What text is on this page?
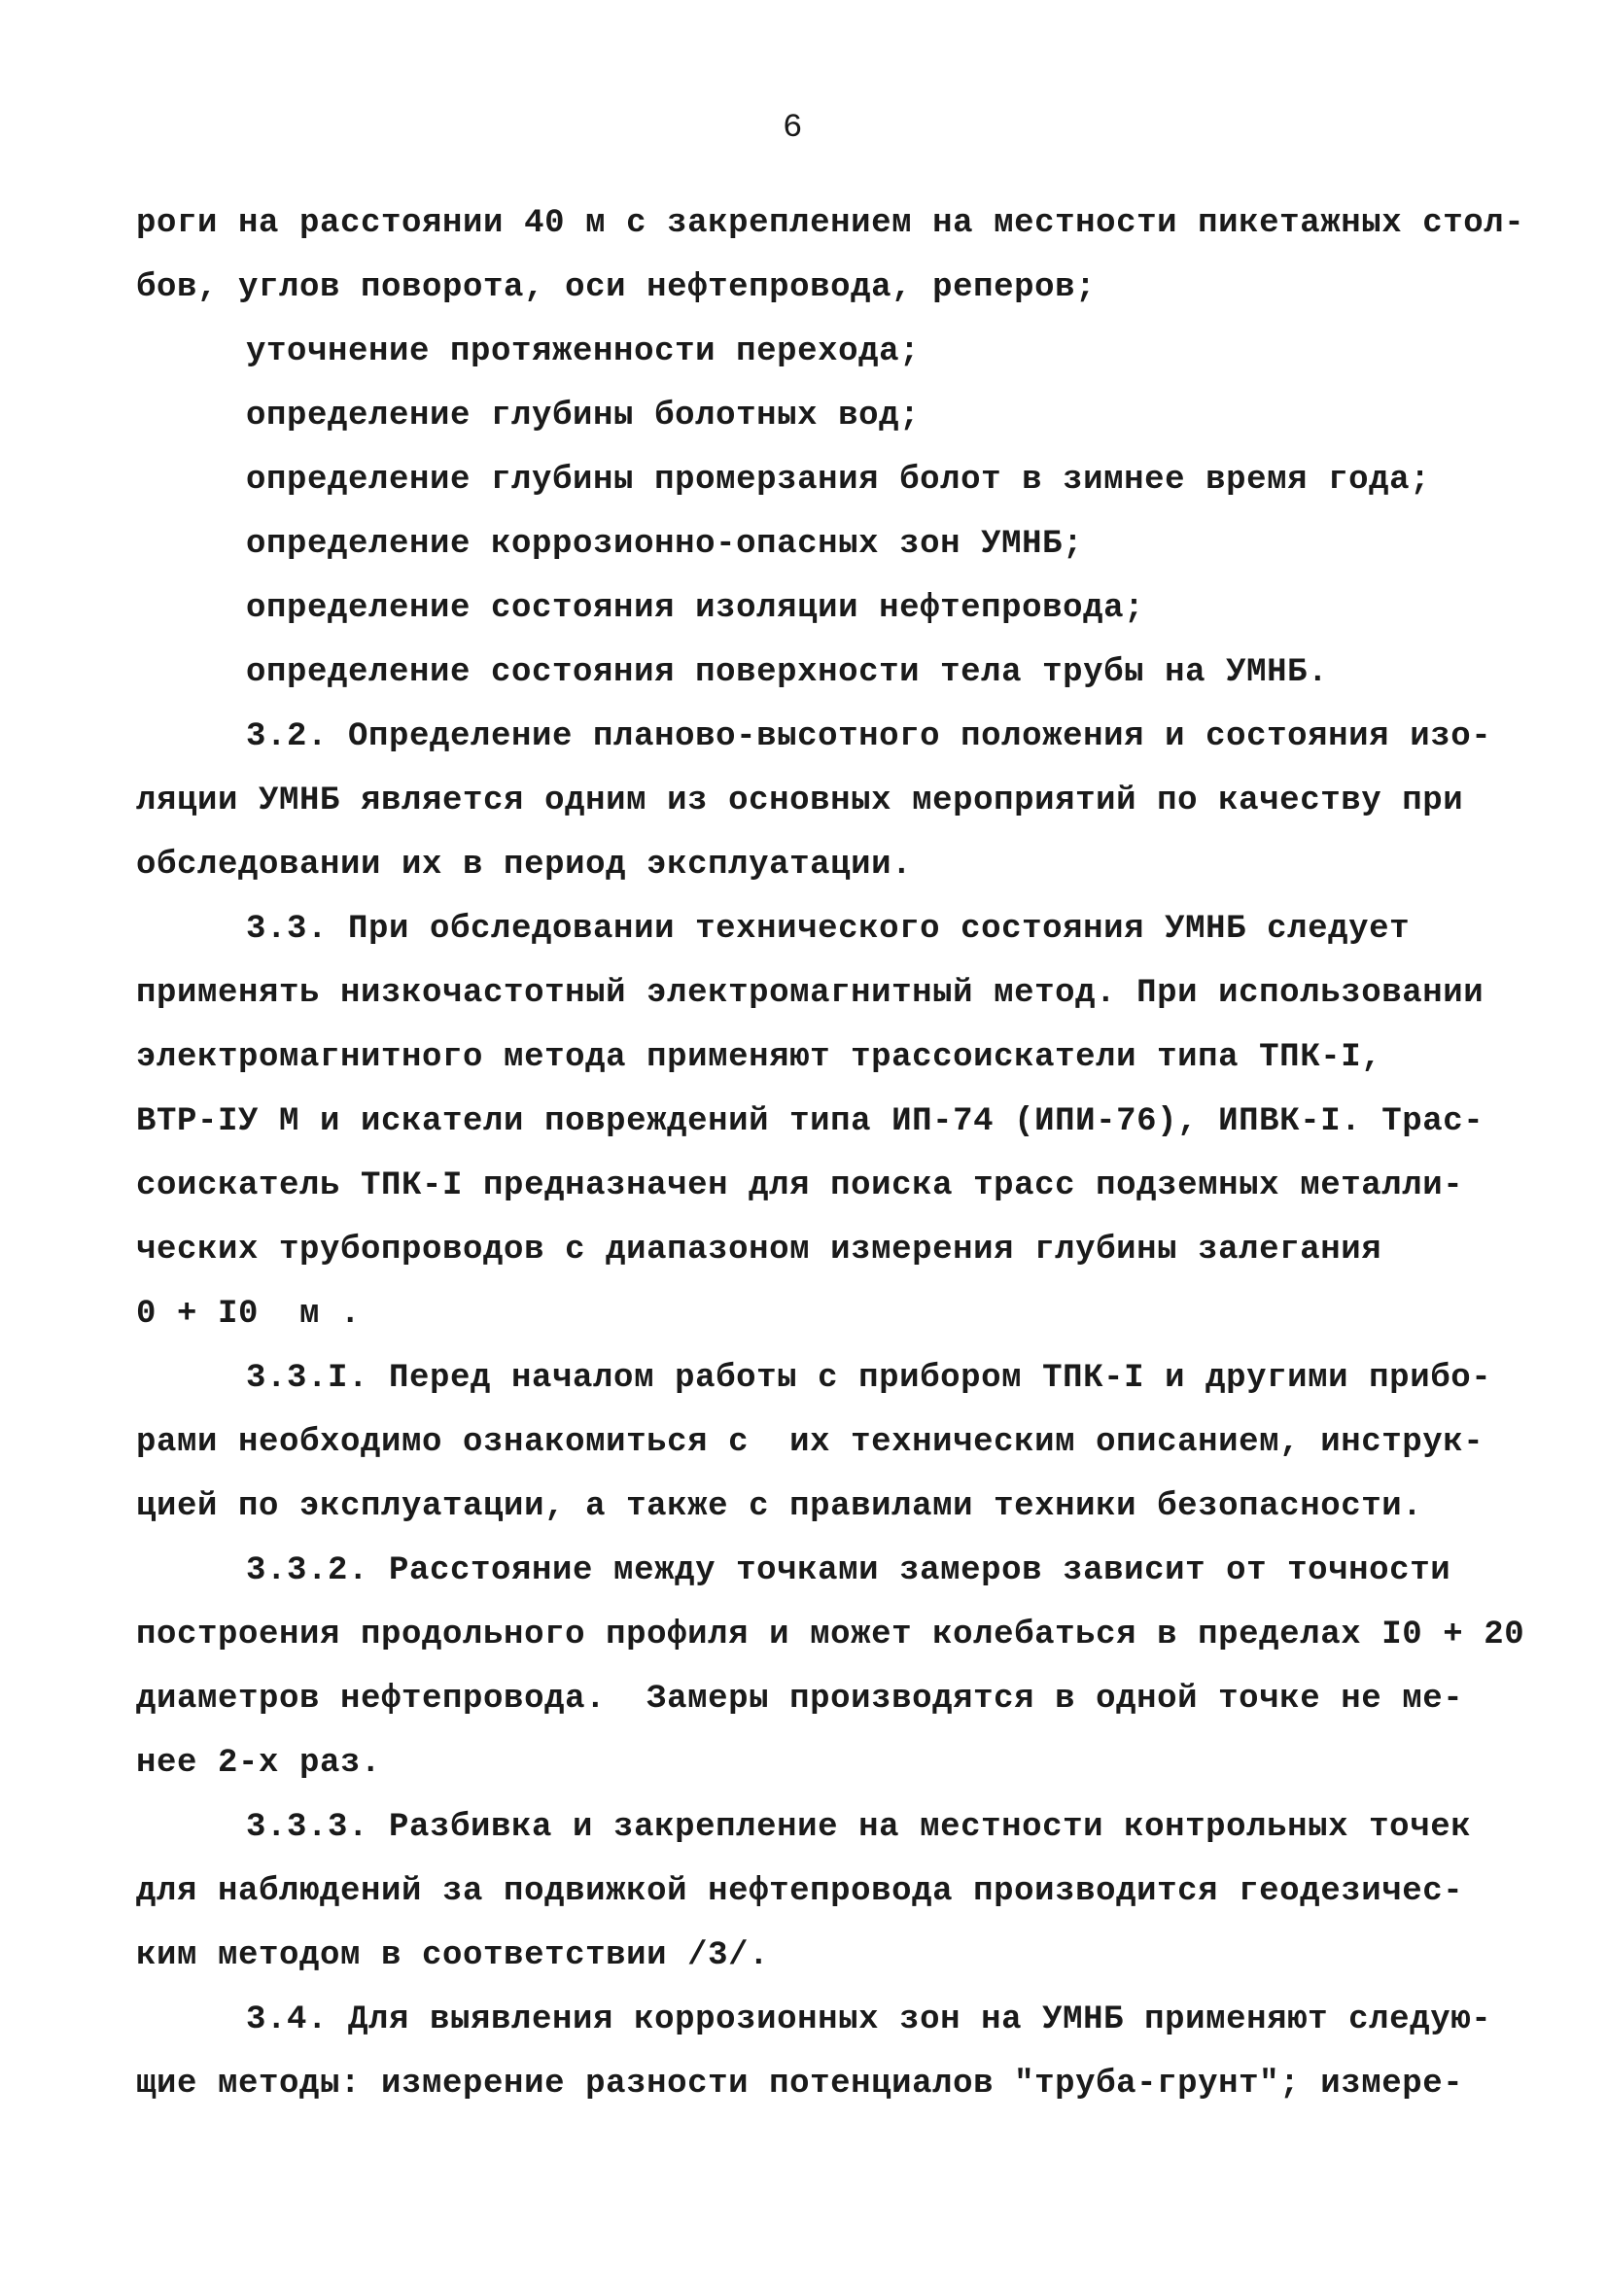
6
роги на расстоянии 40 м с закреплением на местности пикетажных стол-
бов, углов поворота, оси нефтепровода, реперов;
уточнение протяженности перехода;
определение глубины болотных вод;
определение глубины промерзания болот в зимнее время года;
определение коррозионно-опасных зон УМНБ;
определение состояния изоляции нефтепровода;
определение состояния поверхности тела трубы на УМНБ.
3.2. Определение планово-высотного положения и состояния изо-
ляции УМНБ является одним из основных мероприятий по качеству при
обследовании их в период эксплуатации.
3.3. При обследовании технического состояния УМНБ следует
применять низкочастотный электромагнитный метод. При использовании
электромагнитного метода применяют трассоискатели типа ТПК-I,
ВТР-IУ М и искатели повреждений типа ИП-74 (ИПИ-76), ИПВК-I. Трас-
соискатель ТПК-I предназначен для поиска трасс подземных металли-
ческих трубопроводов с диапазоном измерения глубины залегания
0 + I0  м .
3.3.I. Перед началом работы с прибором ТПК-I и другими прибо-
рами необходимо ознакомиться с  их техническим описанием, инструк-
цией по эксплуатации, а также с правилами техники безопасности.
3.3.2. Расстояние между точками замеров зависит от точности
построения продольного профиля и может колебаться в пределах I0 + 20
диаметров нефтепровода.  Замеры производятся в одной точке не ме-
нее 2-х раз.
3.3.3. Разбивка и закрепление на местности контрольных точек
для наблюдений за подвижкой нефтепровода производится геодезичес-
ким методом в соответствии /3/.
3.4. Для выявления коррозионных зон на УМНБ применяют следую-
щие методы: измерение разности потенциалов "труба-грунт"; измере-
